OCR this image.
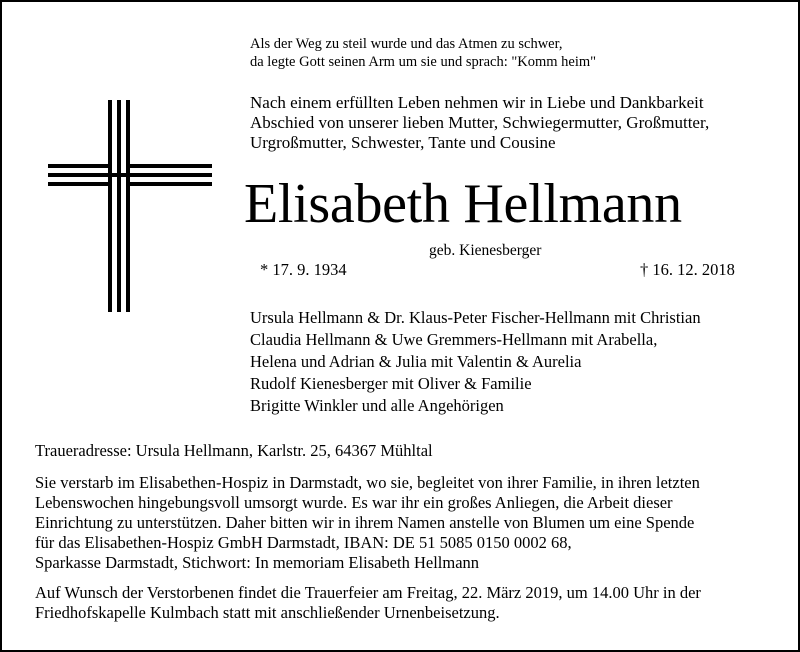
Als der Weg zu steil wurde und das Atmen zu schwer,
da legte Gott seinen Arm um sie und sprach: "Komm heim"
Nach einem erfüllten Leben nehmen wir in Liebe und Dankbarkeit
Abschied von unserer lieben Mutter, Schwiegermutter, Großmutter,
Urgroßmutter, Schwester, Tante und Cousine
Elisabeth Hellmann
geb. Kienesberger
* 17. 9. 1934	† 16. 12. 2018
Ursula Hellmann & Dr. Klaus-Peter Fischer-Hellmann mit Christian
Claudia Hellmann & Uwe Gremmers-Hellmann mit Arabella,
Helena und Adrian & Julia mit Valentin & Aurelia
Rudolf Kienesberger mit Oliver & Familie
Brigitte Winkler und alle Angehörigen
Traueradresse: Ursula Hellmann, Karlstr. 25, 64367 Mühltal
Sie verstarb im Elisabethen-Hospiz in Darmstadt, wo sie, begleitet von ihrer Familie, in ihren letzten
Lebenswochen hingebungsvoll umsorgt wurde. Es war ihr ein großes Anliegen, die Arbeit dieser
Einrichtung zu unterstützen. Daher bitten wir in ihrem Namen anstelle von Blumen um eine Spende
für das Elisabethen-Hospiz GmbH Darmstadt, IBAN: DE 51 5085 0150 0002 68,
Sparkasse Darmstadt, Stichwort: In memoriam Elisabeth Hellmann
Auf Wunsch der Verstorbenen findet die Trauerfeier am Freitag, 22. März 2019, um 14.00 Uhr in der
Friedhofskapelle Kulmbach statt mit anschließender Urnenbeisetzung.
